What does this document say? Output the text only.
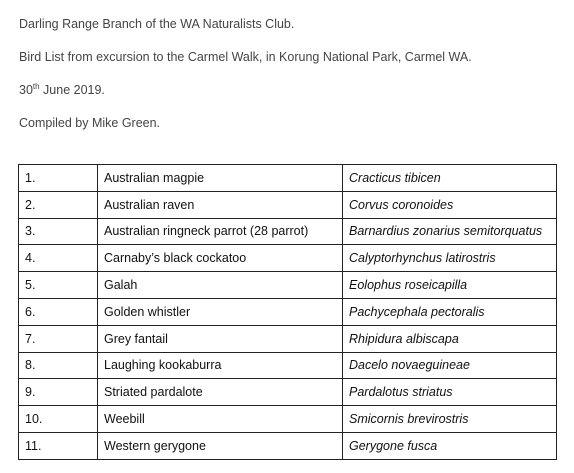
Darling Range Branch of the WA Naturalists Club.
Bird List from excursion to the Carmel Walk, in Korung National Park, Carmel WA.
30th June 2019.
Compiled by Mike Green.
1.	Australian magpie	Cracticus tibicen
2.	Australian raven	Corvus coronoides
3.	Australian ringneck parrot (28 parrot)	Barnardius zonarius semitorquatus
4.	Carnaby’s black cockatoo	Calyptorhynchus latirostris
5.	Galah	Eolophus roseicapilla
6.	Golden whistler	Pachycephala pectoralis
7.	Grey fantail	Rhipidura albiscapa
8.	Laughing kookaburra	Dacelo novaeguineae
9.	Striated pardalote	Pardalotus striatus
10.	Weebill	Smicornis brevirostris
11.	Western gerygone	Gerygone fusca
